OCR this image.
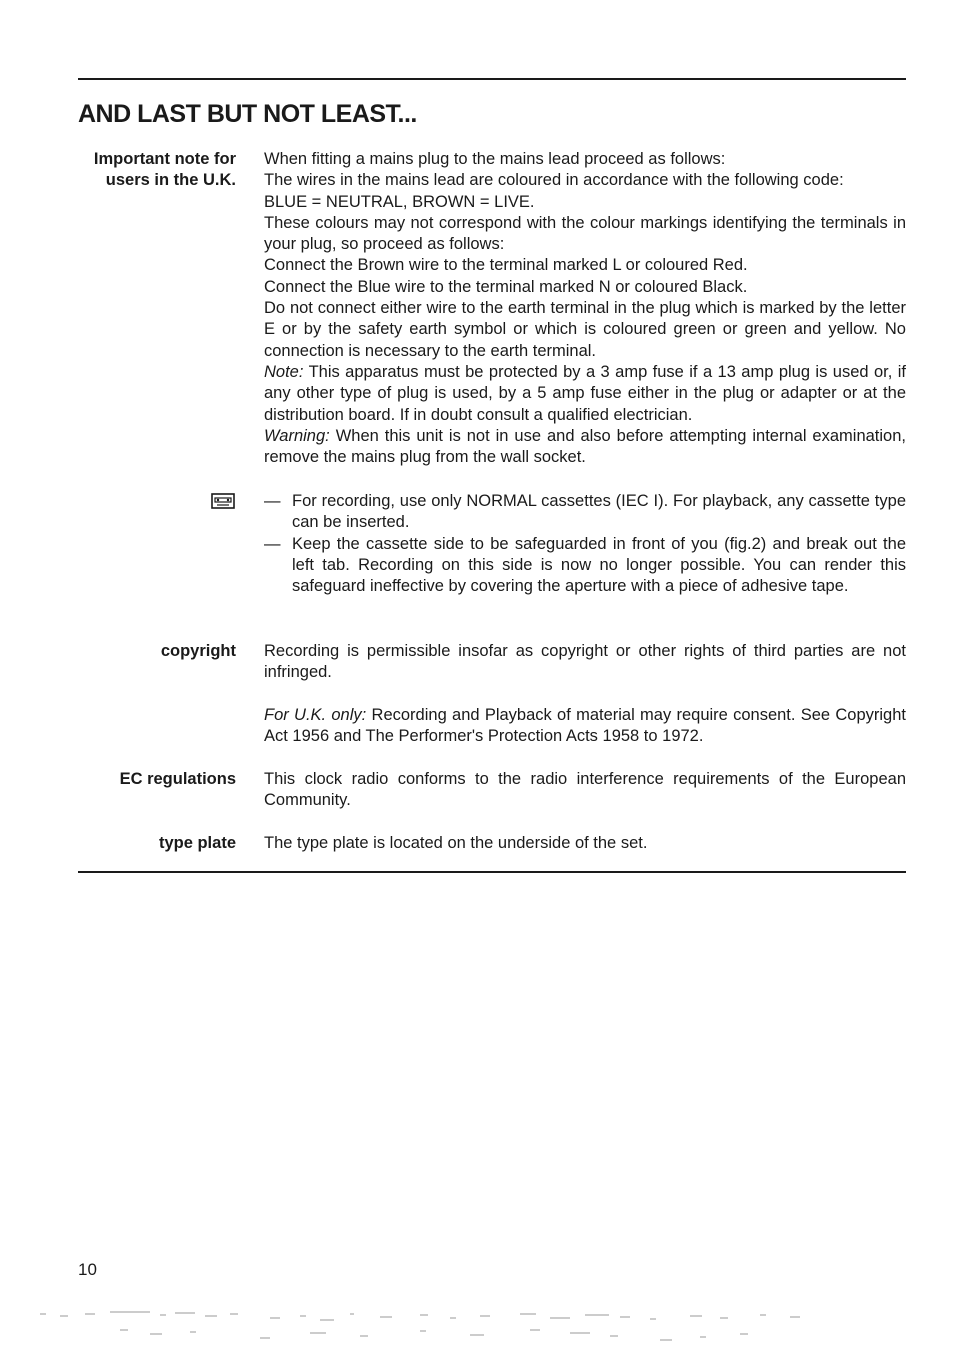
AND LAST BUT NOT LEAST...
Important note for
users in the U.K.

When fitting a mains plug to the mains lead proceed as follows:

The wires in the mains lead are coloured in accordance with the following code:

BLUE = NEUTRAL, BROWN = LIVE.

These colours may not correspond with the colour markings identifying the terminals in your plug, so proceed as follows:

Connect the Brown wire to the terminal marked L or coloured Red.

Connect the Blue wire to the terminal marked N or coloured Black.

Do not connect either wire to the earth terminal in the plug which is marked by the letter E or by the safety earth symbol or which is coloured green or green and yellow. No connection is necessary to the earth terminal.

Note: This apparatus must be protected by a 3 amp fuse if a 13 amp plug is used or, if any other type of plug is used, by a 5 amp fuse either in the plug or adapter or at the distribution board. If in doubt consult a qualified electrician.

Warning: When this unit is not in use and also before attempting internal examination, remove the mains plug from the wall socket.

— For recording, use only NORMAL cassettes (IEC I). For playback, any cassette type can be inserted.
— Keep the cassette side to be safeguarded in front of you (fig.2) and break out the left tab. Recording on this side is now no longer possible. You can render this safeguard ineffective by covering the aperture with a piece of adhesive tape.
copyright Recording is permissible insofar as copyright or other rights of third parties are not infringed.

For U.K. only: Recording and Playback of material may require consent. See Copyright Act 1956 and The Performer's Protection Acts 1958 to 1972.

EC regulations This clock radio conforms to the radio interference requirements of the European Community.

type plate The type plate is located on the underside of the set.

10
